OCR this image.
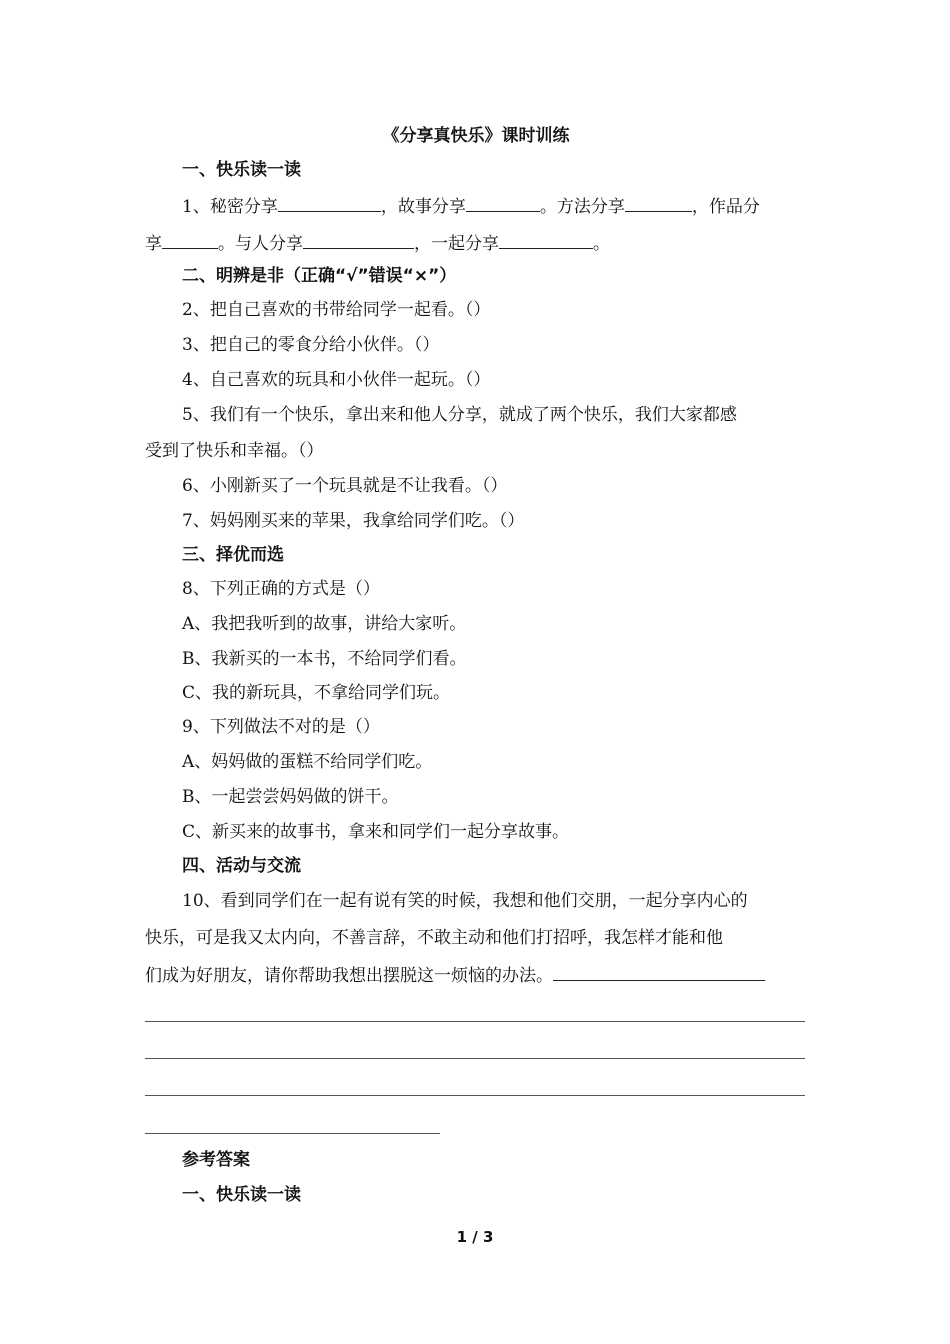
《分享真快乐》课时训练
一、快乐读一读
1、秘密分享	，故事分享	。方法分享	，作品分
享	。与人分享	，一起分享	。
二、明辨是非（正确“√”错误“×”）
2、把自己喜欢的书带给同学一起看。（）
3、把自己的零食分给小伙伴。（）
4、自己喜欢的玩具和小伙伴一起玩。（）
5、我们有一个快乐，拿出来和他人分享，就成了两个快乐，我们大家都感
受到了快乐和幸福。（）
6、小刚新买了一个玩具就是不让我看。（）
7、妈妈刚买来的苹果，我拿给同学们吃。（）
三、择优而选
8、下列正确的方式是（）
A、我把我听到的故事，讲给大家听。
B、我新买的一本书，不给同学们看。
C、我的新玩具，不拿给同学们玩。
9、下列做法不对的是（）
A、妈妈做的蛋糕不给同学们吃。
B、一起尝尝妈妈做的饼干。
C、新买来的故事书，拿来和同学们一起分享故事。
四、活动与交流
10、看到同学们在一起有说有笑的时候，我想和他们交朋，一起分享内心的
快乐，可是我又太内向，不善言辞，不敢主动和他们打招呼，我怎样才能和他
们成为好朋友，请你帮助我想出摆脱这一烦恼的办法。
参考答案
一、快乐读一读
1 / 3
